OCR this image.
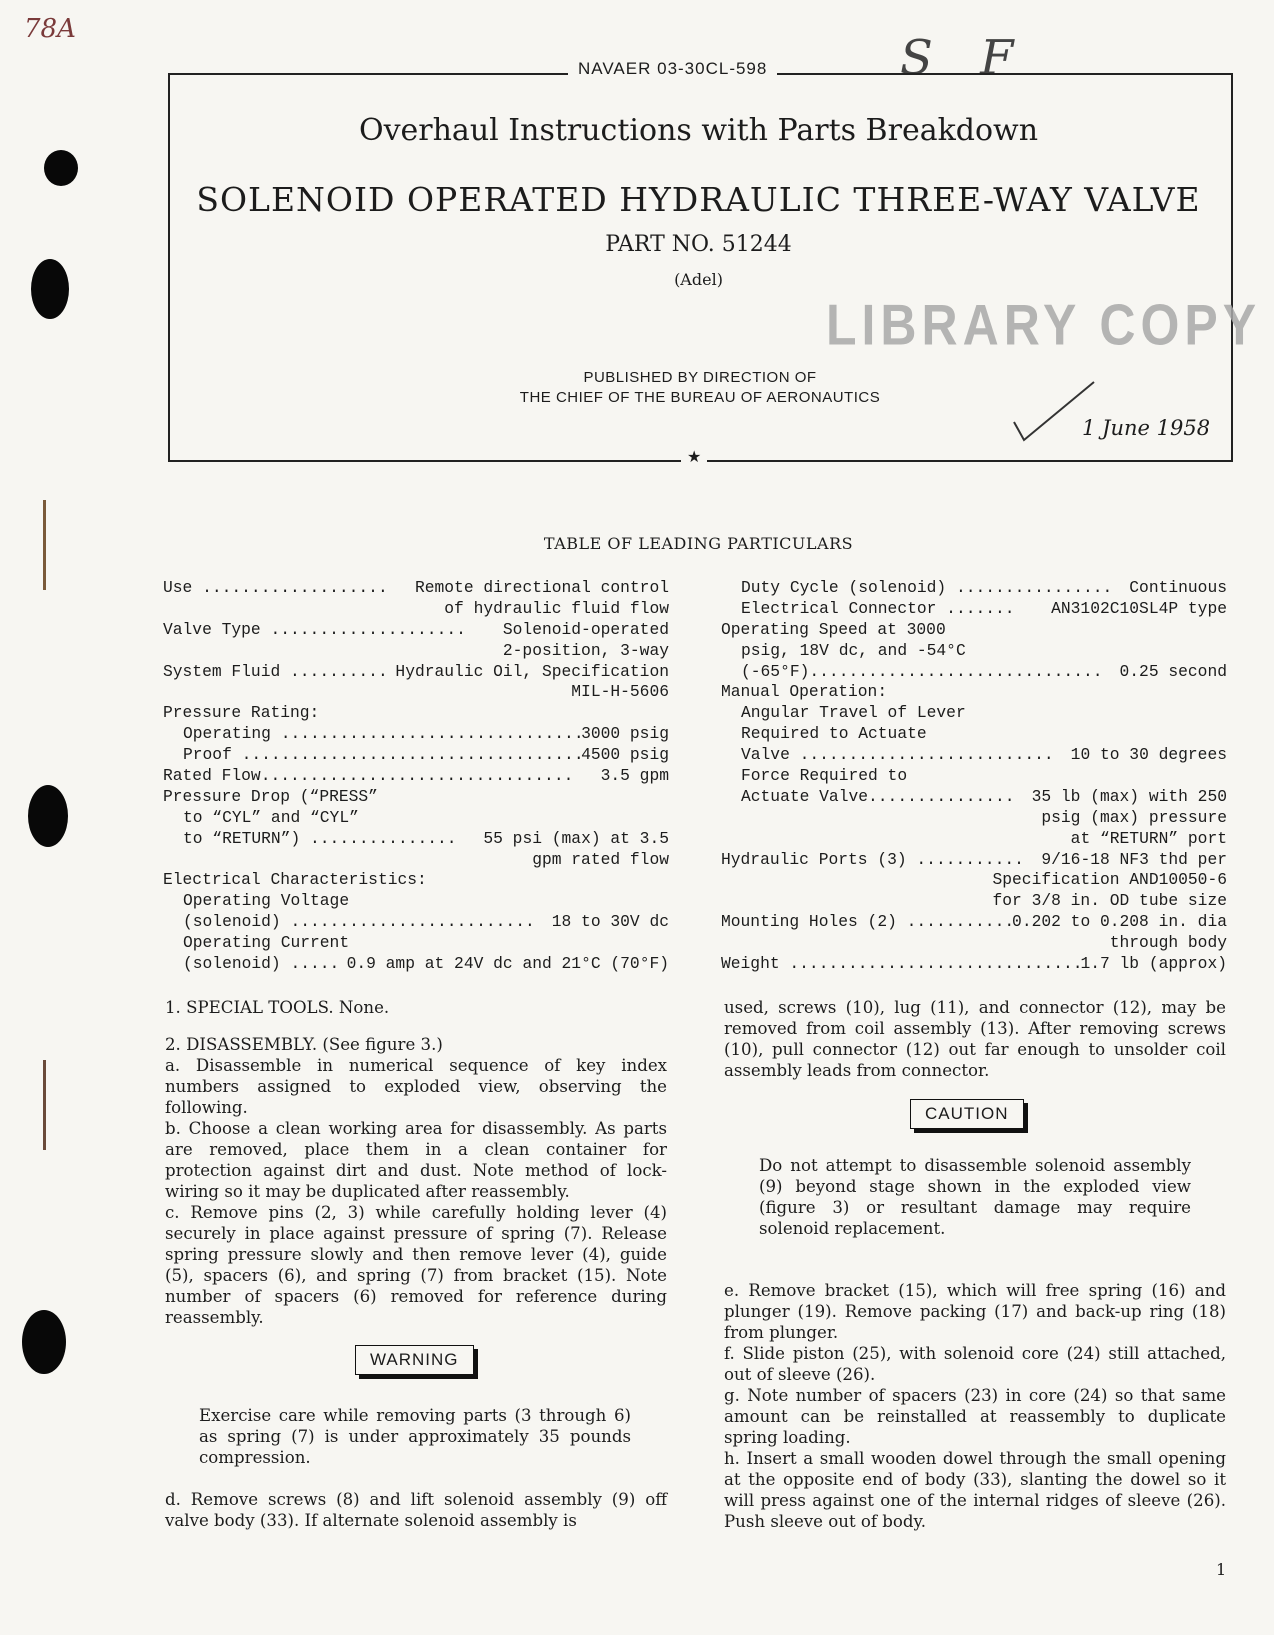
78A
S F
NAVAER 03-30CL-598
★
Overhaul Instructions with Parts Breakdown
SOLENOID OPERATED HYDRAULIC THREE-WAY VALVE
PART NO. 51244
(Adel)
LIBRARY COPY
PUBLISHED BY DIRECTION OF
THE CHIEF OF THE BUREAU OF AERONAUTICS
1 June 1958
TABLE OF LEADING PARTICULARS
Use ................... Remote directional control
of hydraulic fluid flow
Valve Type .................... Solenoid-operated
2-position, 3-way
System Fluid .......... Hydraulic Oil, Specification
MIL-H-5606
Pressure Rating:
Operating ...............................
3000 psig
Proof ...................................
4500 psig
Rated Flow................................ 3.5 gpm
Pressure Drop (“PRESS”
to “CYL” and “CYL”
to “RETURN”) ............... 55 psi (max) at 3.5
gpm rated flow
Electrical Characteristics:
Operating Voltage
(solenoid) ......................... 18 to 30V dc
Operating Current
(solenoid) ..... 0.9 amp at 24V dc and 21°C (70°F)
Duty Cycle (solenoid) ................ Continuous
Electrical Connector ....... AN3102C10SL4P type
Operating Speed at 3000
psig, 18V dc, and -54°C
(-65°F).............................. 0.25 second
Manual Operation:
Angular Travel of Lever
Required to Actuate
Valve .......................... 10 to 30 degrees
Force Required to
Actuate Valve............... 35 lb (max) with 250
psig (max) pressure
at “RETURN” port
Hydraulic Ports (3) ........... 9/16-18 NF3 thd per
Specification AND10050-6
for 3/8 in. OD tube size
Mounting Holes (2) ...........
0.202 to 0.208 in. dia
through body
Weight ..............................
1.7 lb (approx)
1. SPECIAL TOOLS. None.
2. DISASSEMBLY. (See figure 3.)
a. Disassemble in numerical sequence of key index numbers assigned to exploded view, observing the following.
b. Choose a clean working area for disassembly. As parts are removed, place them in a clean container for protection against dirt and dust. Note method of lock-wiring so it may be duplicated after reassembly.
c. Remove pins (2, 3) while carefully holding lever (4) securely in place against pressure of spring (7). Release spring pressure slowly and then remove lever (4), guide (5), spacers (6), and spring (7) from bracket (15). Note number of spacers (6) removed for reference during reassembly.
WARNING
Exercise care while removing parts (3 through 6) as spring (7) is under approximately 35 pounds compression.
d. Remove screws (8) and lift solenoid assembly (9) off valve body (33). If alternate solenoid assembly is
used, screws (10), lug (11), and connector (12), may be removed from coil assembly (13). After removing screws (10), pull connector (12) out far enough to unsolder coil assembly leads from connector.
CAUTION
Do not attempt to disassemble solenoid assembly (9) beyond stage shown in the exploded view (figure 3) or resultant damage may require solenoid replacement.
e. Remove bracket (15), which will free spring (16) and plunger (19). Remove packing (17) and back-up ring (18) from plunger.
f. Slide piston (25), with solenoid core (24) still attached, out of sleeve (26).
g. Note number of spacers (23) in core (24) so that same amount can be reinstalled at reassembly to duplicate spring loading.
h. Insert a small wooden dowel through the small opening at the opposite end of body (33), slanting the dowel so it will press against one of the internal ridges of sleeve (26). Push sleeve out of body.
1
